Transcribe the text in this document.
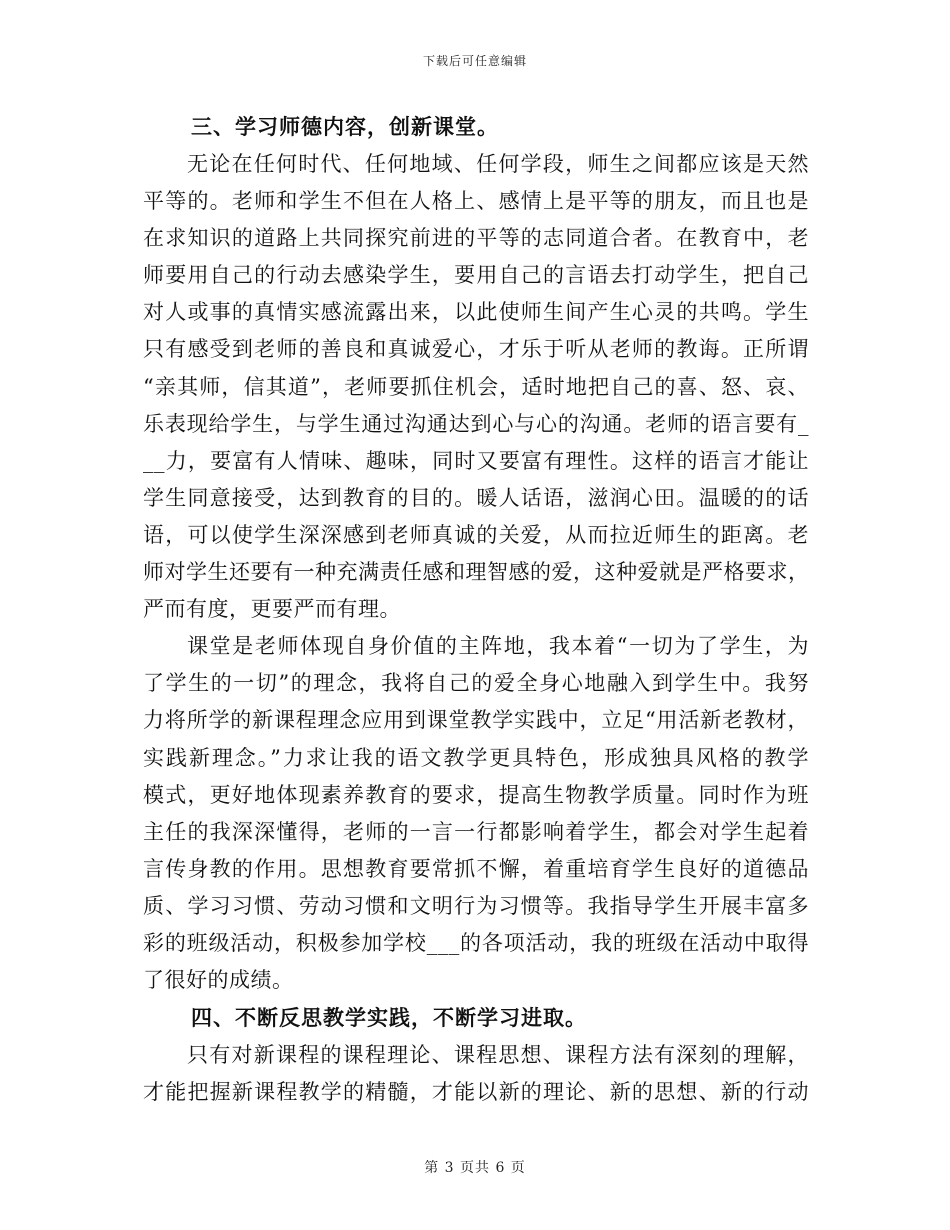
下载后可任意编辑
三、学习师德内容，创新课堂。
无论在任何时代、任何地域、任何学段，师生之间都应该是天然
平等的。老师和学生不但在人格上、感情上是平等的朋友，而且也是
在求知识的道路上共同探究前进的平等的志同道合者。在教育中，老
师要用自己的行动去感染学生，要用自己的言语去打动学生，把自己
对人或事的真情实感流露出来，以此使师生间产生心灵的共鸣。学生
只有感受到老师的善良和真诚爱心，才乐于听从老师的教诲。正所谓
“亲其师，信其道”，老师要抓住机会，适时地把自己的喜、怒、哀、
乐表现给学生，与学生通过沟通达到心与心的沟通。老师的语言要有_
__力，要富有人情味、趣味，同时又要富有理性。这样的语言才能让
学生同意接受，达到教育的目的。暖人话语，滋润心田。温暖的的话
语，可以使学生深深感到老师真诚的关爱，从而拉近师生的距离。老
师对学生还要有一种充满责任感和理智感的爱，这种爱就是严格要求，
严而有度，更要严而有理。
课堂是老师体现自身价值的主阵地，我本着“一切为了学生，为
了学生的一切”的理念，我将自己的爱全身心地融入到学生中。我努
力将所学的新课程理念应用到课堂教学实践中，立足“用活新老教材，
实践新理念。”力求让我的语文教学更具特色，形成独具风格的教学
模式，更好地体现素养教育的要求，提高生物教学质量。同时作为班
主任的我深深懂得，老师的一言一行都影响着学生，都会对学生起着
言传身教的作用。思想教育要常抓不懈，着重培育学生良好的道德品
质、学习习惯、劳动习惯和文明行为习惯等。我指导学生开展丰富多
彩的班级活动，积极参加学校___的各项活动，我的班级在活动中取得
了很好的成绩。
四、不断反思教学实践，不断学习进取。
只有对新课程的课程理论、课程思想、课程方法有深刻的理解，
才能把握新课程教学的精髓，才能以新的理论、新的思想、新的行动
第 3 页共 6 页
